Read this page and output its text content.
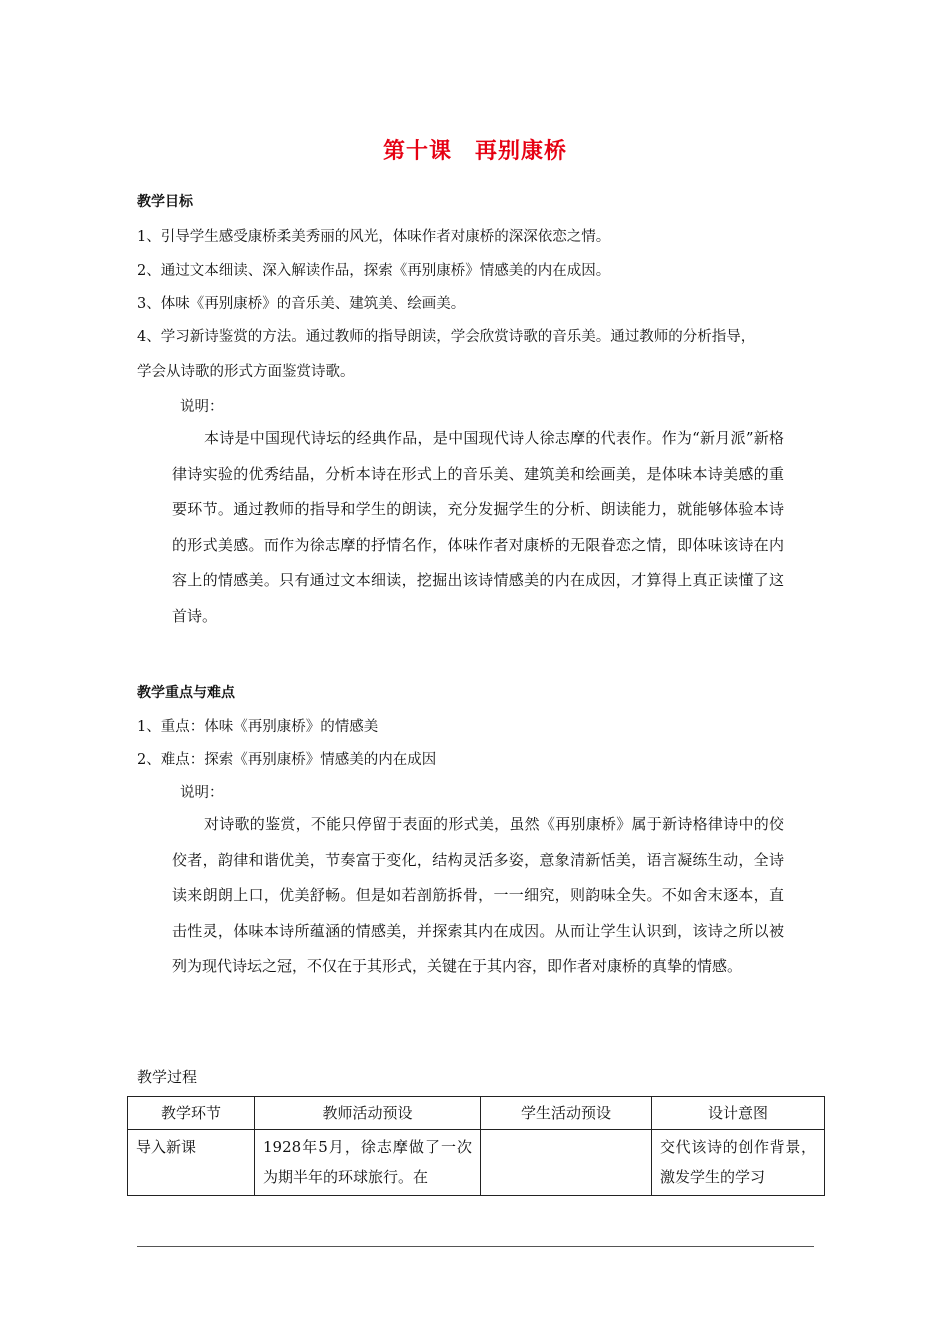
第十课　再别康桥
教学目标
1、引导学生感受康桥柔美秀丽的风光，体味作者对康桥的深深依恋之情。
2、通过文本细读、深入解读作品，探索《再别康桥》情感美的内在成因。
3、体味《再别康桥》的音乐美、建筑美、绘画美。
4、学习新诗鉴赏的方法。通过教师的指导朗读，学会欣赏诗歌的音乐美。通过教师的分析指导，
学会从诗歌的形式方面鉴赏诗歌。
说明：
本诗是中国现代诗坛的经典作品，是中国现代诗人徐志摩的代表作。作为“新月派”新格律诗实验的优秀结晶，分析本诗在形式上的音乐美、建筑美和绘画美，是体味本诗美感的重要环节。通过教师的指导和学生的朗读，充分发掘学生的分析、朗读能力，就能够体验本诗的形式美感。而作为徐志摩的抒情名作，体味作者对康桥的无限眷恋之情，即体味该诗在内容上的情感美。只有通过文本细读，挖掘出该诗情感美的内在成因，才算得上真正读懂了这首诗。
教学重点与难点
1、重点：体味《再别康桥》的情感美
2、难点：探索《再别康桥》情感美的内在成因
说明：
对诗歌的鉴赏，不能只停留于表面的形式美，虽然《再别康桥》属于新诗格律诗中的佼佼者，韵律和谐优美，节奏富于变化，结构灵活多姿，意象清新恬美，语言凝练生动，全诗读来朗朗上口，优美舒畅。但是如若剖筋拆骨，一一细究，则韵味全失。不如舍末逐本，直击性灵，体味本诗所蕴涵的情感美，并探索其内在成因。从而让学生认识到，该诗之所以被列为现代诗坛之冠，不仅在于其形式，关键在于其内容，即作者对康桥的真挚的情感。
教学过程
教学环节	教师活动预设	学生活动预设	设计意图
导入新课	1928年5月，徐志摩做了一次为期半年的环球旅行。在		交代该诗的创作背景，激发学生的学习
